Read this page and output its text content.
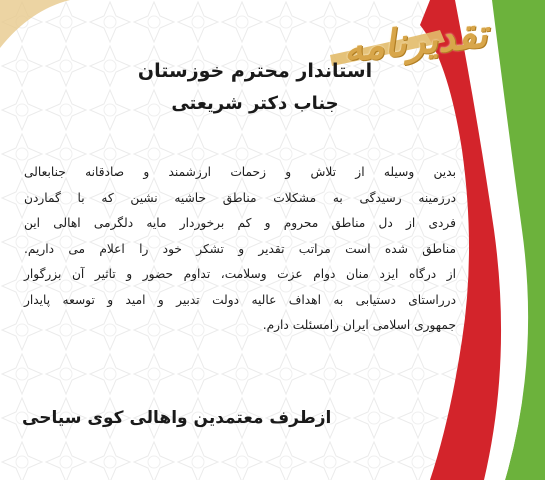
تقدیرنامه
استاندار محترم خوزستان
جناب دکتر شریعتی
بدین وسیله از تلاش و زحمات ارزشمند و صادقانه جنابعالی
درزمینه رسیدگی به مشکلات مناطق حاشیه نشین که با گماردن
فردی از دل مناطق محروم و کم برخوردار مایه دلگرمی اهالی این
مناطق شده است مراتب تقدیر و تشکر خود را اعلام می داریم.
از درگاه ایزد منان دوام عزت وسلامت، تداوم حضور و تاثیر آن بزرگوار
درراستای دستیابی به اهداف عالیه دولت تدبیر و امید و توسعه پایدار
جمهوری اسلامی ایران رامسئلت دارم.
ازطرف معتمدین واهالی کوی سیاحی
